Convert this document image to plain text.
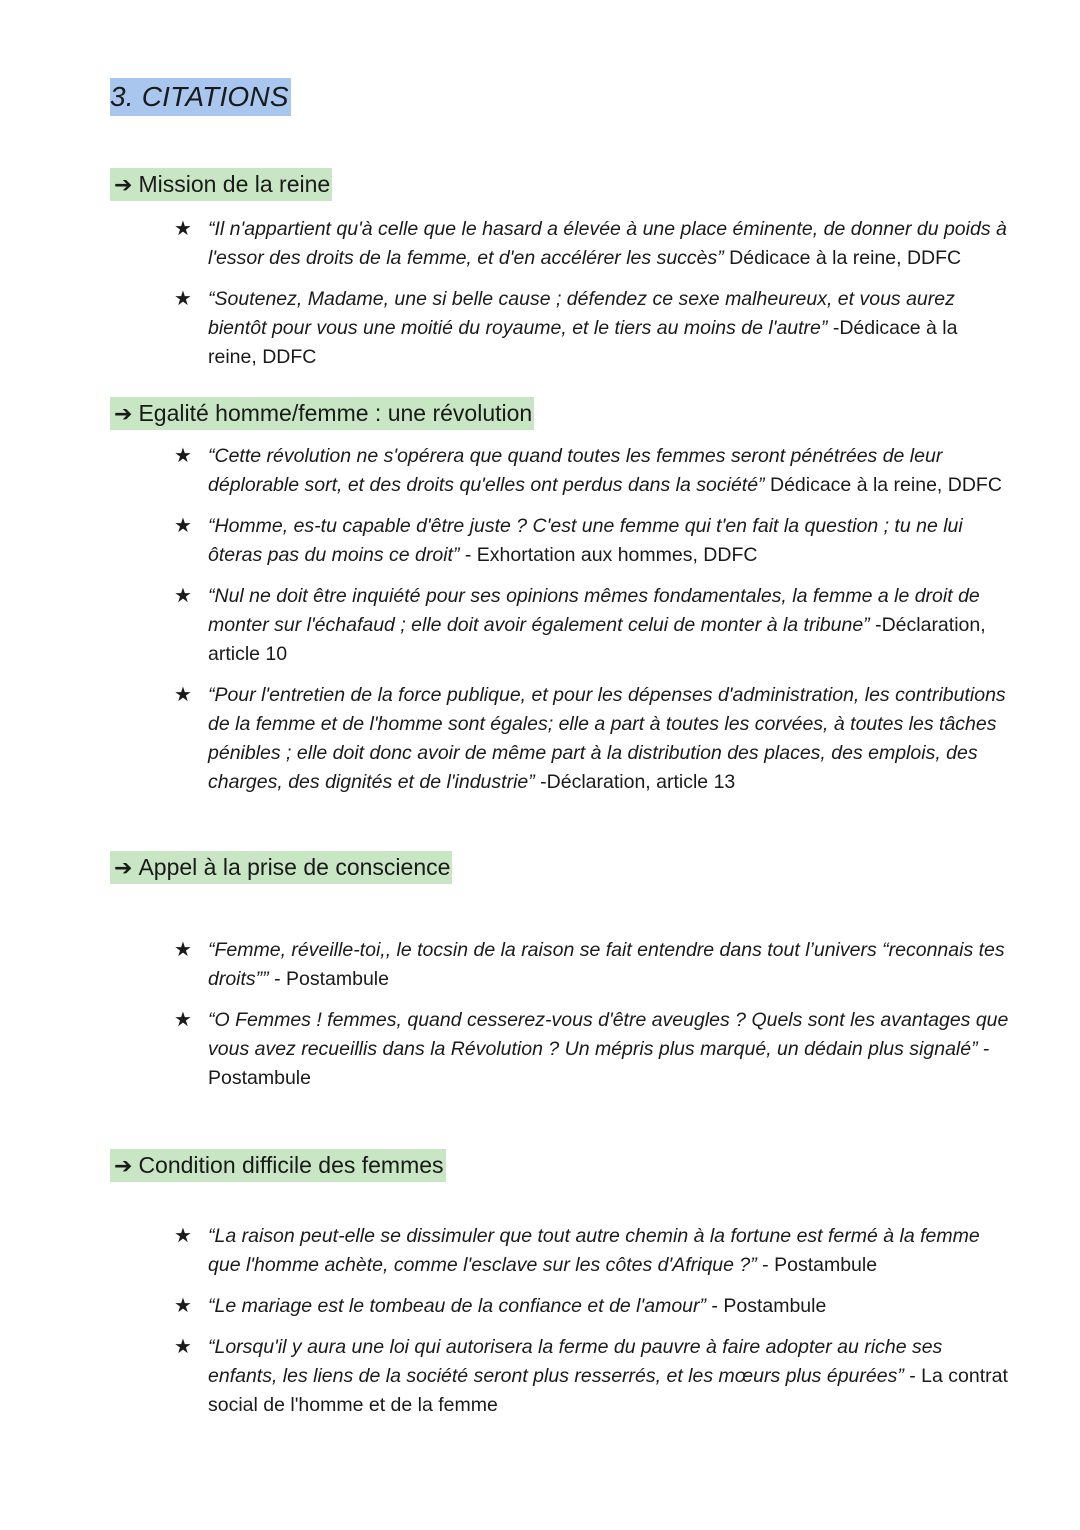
3. CITATIONS
➔ Mission de la reine
★ “Il n'appartient qu'à celle que le hasard a élevée à une place éminente, de donner du poids à l'essor des droits de la femme, et d'en accélérer les succès” Dédicace à la reine, DDFC
★ “Soutenez, Madame, une si belle cause ; défendez ce sexe malheureux, et vous aurez bientôt pour vous une moitié du royaume, et le tiers au moins de l'autre” -Dédicace à la reine, DDFC
➔ Egalité homme/femme : une révolution
★ “Cette révolution ne s'opérera que quand toutes les femmes seront pénétrées de leur déplorable sort, et des droits qu'elles ont perdus dans la société” Dédicace à la reine, DDFC
★ “Homme, es-tu capable d'être juste ? C'est une femme qui t'en fait la question ; tu ne lui ôteras pas du moins ce droit” - Exhortation aux hommes, DDFC
★ “Nul ne doit être inquiété pour ses opinions mêmes fondamentales, la femme a le droit de monter sur l'échafaud ; elle doit avoir également celui de monter à la tribune” -Déclaration, article 10
★ “Pour l'entretien de la force publique, et pour les dépenses d'administration, les contributions de la femme et de l'homme sont égales; elle a part à toutes les corvées, à toutes les tâches pénibles ; elle doit donc avoir de même part à la distribution des places, des emplois, des charges, des dignités et de l'industrie” -Déclaration, article 13
➔ Appel à la prise de conscience
★ “Femme, réveille-toi,, le tocsin de la raison se fait entendre dans tout l’univers “reconnais tes droits”” - Postambule
★ “O Femmes ! femmes, quand cesserez-vous d'être aveugles ? Quels sont les avantages que vous avez recueillis dans la Révolution ? Un mépris plus marqué, un dédain plus signalé” - Postambule
➔ Condition difficile des femmes
★ “La raison peut-elle se dissimuler que tout autre chemin à la fortune est fermé à la femme que l'homme achète, comme l'esclave sur les côtes d'Afrique ?” - Postambule
★ “Le mariage est le tombeau de la confiance et de l'amour” - Postambule
★ “Lorsqu'il y aura une loi qui autorisera la ferme du pauvre à faire adopter au riche ses enfants, les liens de la société seront plus resserrés, et les mœurs plus épurées” - La contrat social de l'homme et de la femme
